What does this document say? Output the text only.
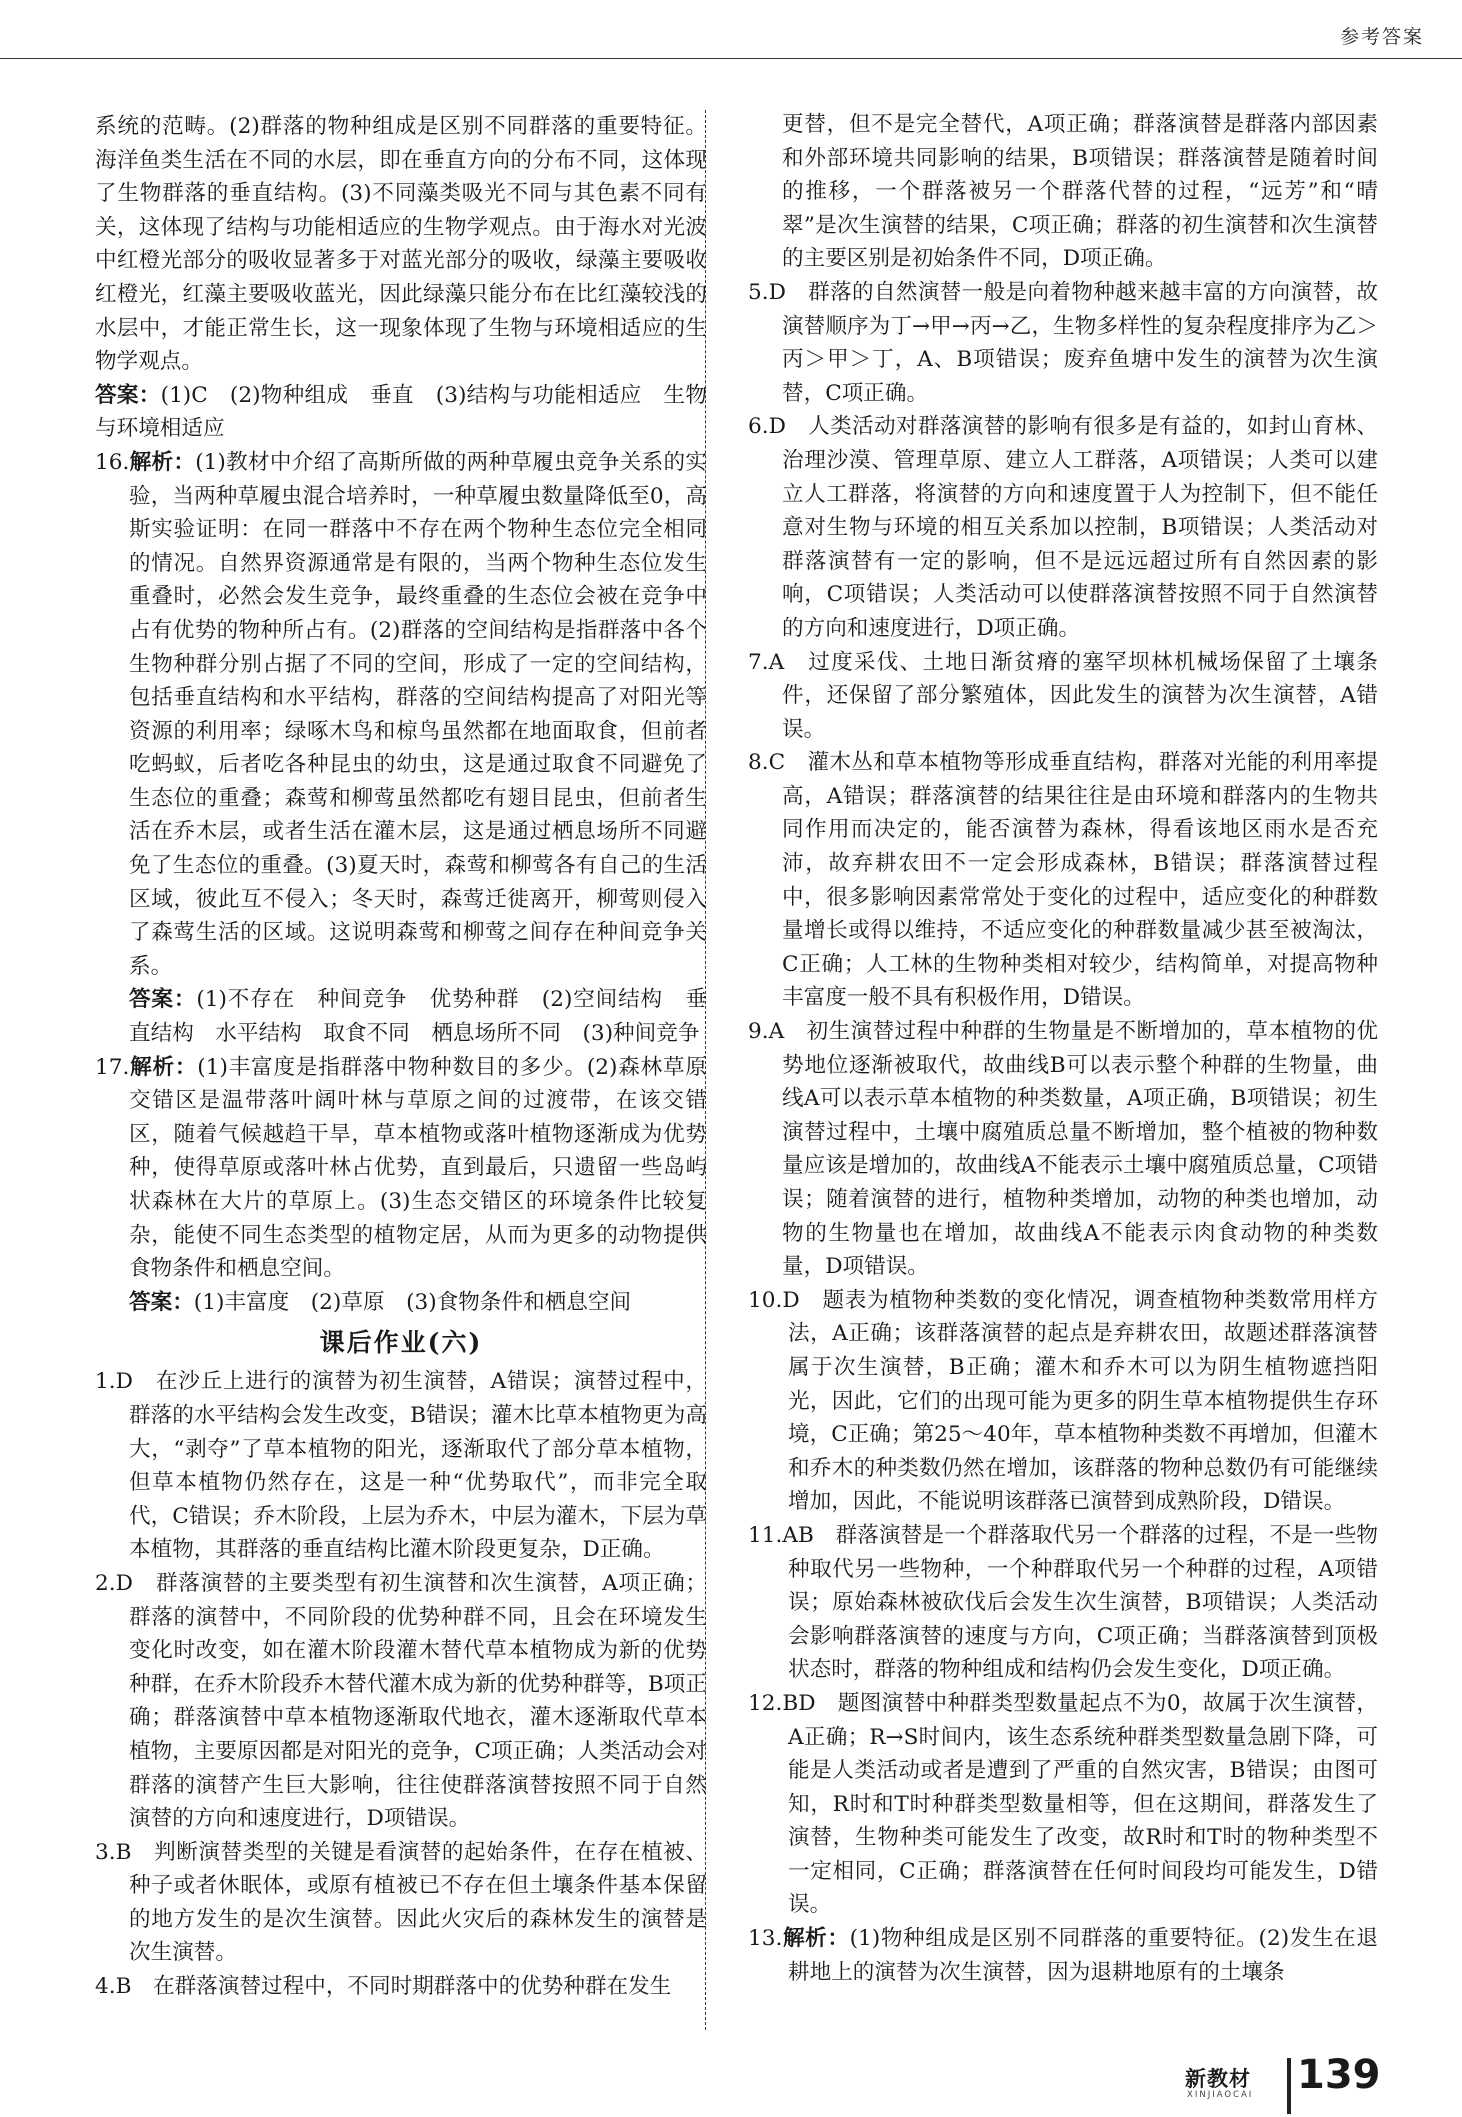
参考答案

系统的范畴。(2)群落的物种组成是区别不同群落的重要特征。海洋鱼类生活在不同的水层，即在垂直方向的分布不同，这体现了生物群落的垂直结构。(3)不同藻类吸光不同与其色素不同有关，这体现了结构与功能相适应的生物学观点。由于海水对光波中红橙光部分的吸收显著多于对蓝光部分的吸收，绿藻主要吸收红橙光，红藻主要吸收蓝光，因此绿藻只能分布在比红藻较浅的水层中，才能正常生长，这一现象体现了生物与环境相适应的生物学观点。

答案：(1)C　(2)物种组成　垂直　(3)结构与功能相适应　生物与环境相适应

16.解析：(1)教材中介绍了高斯所做的两种草履虫竞争关系的实验，当两种草履虫混合培养时，一种草履虫数量降低至0，高斯实验证明：在同一群落中不存在两个物种生态位完全相同的情况。自然界资源通常是有限的，当两个物种生态位发生重叠时，必然会发生竞争，最终重叠的生态位会被在竞争中占有优势的物种所占有。(2)群落的空间结构是指群落中各个生物种群分别占据了不同的空间，形成了一定的空间结构，包括垂直结构和水平结构，群落的空间结构提高了对阳光等资源的利用率；绿啄木鸟和椋鸟虽然都在地面取食，但前者吃蚂蚁，后者吃各种昆虫的幼虫，这是通过取食不同避免了生态位的重叠；森莺和柳莺虽然都吃有翅目昆虫，但前者生活在乔木层，或者生活在灌木层，这是通过栖息场所不同避免了生态位的重叠。(3)夏天时，森莺和柳莺各有自己的生活区域，彼此互不侵入；冬天时，森莺迁徙离开，柳莺则侵入了森莺生活的区域。这说明森莺和柳莺之间存在种间竞争关系。

答案：(1)不存在　种间竞争　优势种群　(2)空间结构　垂直结构　水平结构　取食不同　栖息场所不同　(3)种间竞争

17.解析：(1)丰富度是指群落中物种数目的多少。(2)森林草原交错区是温带落叶阔叶林与草原之间的过渡带，在该交错区，随着气候越趋干旱，草本植物或落叶植物逐渐成为优势种，使得草原或落叶林占优势，直到最后，只遗留一些岛屿状森林在大片的草原上。(3)生态交错区的环境条件比较复杂，能使不同生态类型的植物定居，从而为更多的动物提供食物条件和栖息空间。

答案：(1)丰富度　(2)草原　(3)食物条件和栖息空间

课后作业(六)

1.D　在沙丘上进行的演替为初生演替，A错误；演替过程中，群落的水平结构会发生改变，B错误；灌木比草本植物更为高大，“剥夺”了草本植物的阳光，逐渐取代了部分草本植物，但草本植物仍然存在，这是一种“优势取代”，而非完全取代，C错误；乔木阶段，上层为乔木，中层为灌木，下层为草本植物，其群落的垂直结构比灌木阶段更复杂，D正确。

2.D　群落演替的主要类型有初生演替和次生演替，A项正确；群落的演替中，不同阶段的优势种群不同，且会在环境发生变化时改变，如在灌木阶段灌木替代草本植物成为新的优势种群，在乔木阶段乔木替代灌木成为新的优势种群等，B项正确；群落演替中草本植物逐渐取代地衣，灌木逐渐取代草本植物，主要原因都是对阳光的竞争，C项正确；人类活动会对群落的演替产生巨大影响，往往使群落演替按照不同于自然演替的方向和速度进行，D项错误。

3.B　判断演替类型的关键是看演替的起始条件，在存在植被、种子或者休眠体，或原有植被已不存在但土壤条件基本保留的地方发生的是次生演替。因此火灾后的森林发生的演替是次生演替。

4.B　在群落演替过程中，不同时期群落中的优势种群在发生

更替，但不是完全替代，A项正确；群落演替是群落内部因素和外部环境共同影响的结果，B项错误；群落演替是随着时间的推移，一个群落被另一个群落代替的过程，“远芳”和“晴翠”是次生演替的结果，C项正确；群落的初生演替和次生演替的主要区别是初始条件不同，D项正确。

5.D　群落的自然演替一般是向着物种越来越丰富的方向演替，故演替顺序为丁→甲→丙→乙，生物多样性的复杂程度排序为乙＞丙＞甲＞丁，A、B项错误；废弃鱼塘中发生的演替为次生演替，C项正确。

6.D　人类活动对群落演替的影响有很多是有益的，如封山育林、治理沙漠、管理草原、建立人工群落，A项错误；人类可以建立人工群落，将演替的方向和速度置于人为控制下，但不能任意对生物与环境的相互关系加以控制，B项错误；人类活动对群落演替有一定的影响，但不是远远超过所有自然因素的影响，C项错误；人类活动可以使群落演替按照不同于自然演替的方向和速度进行，D项正确。

7.A　过度采伐、土地日渐贫瘠的塞罕坝林机械场保留了土壤条件，还保留了部分繁殖体，因此发生的演替为次生演替，A错误。

8.C　灌木丛和草本植物等形成垂直结构，群落对光能的利用率提高，A错误；群落演替的结果往往是由环境和群落内的生物共同作用而决定的，能否演替为森林，得看该地区雨水是否充沛，故弃耕农田不一定会形成森林，B错误；群落演替过程中，很多影响因素常常处于变化的过程中，适应变化的种群数量增长或得以维持，不适应变化的种群数量减少甚至被淘汰，C正确；人工林的生物种类相对较少，结构简单，对提高物种丰富度一般不具有积极作用，D错误。

9.A　初生演替过程中种群的生物量是不断增加的，草本植物的优势地位逐渐被取代，故曲线B可以表示整个种群的生物量，曲线A可以表示草本植物的种类数量，A项正确，B项错误；初生演替过程中，土壤中腐殖质总量不断增加，整个植被的物种数量应该是增加的，故曲线A不能表示土壤中腐殖质总量，C项错误；随着演替的进行，植物种类增加，动物的种类也增加，动物的生物量也在增加，故曲线A不能表示肉食动物的种类数量，D项错误。

10.D　题表为植物种类数的变化情况，调查植物种类数常用样方法，A正确；该群落演替的起点是弃耕农田，故题述群落演替属于次生演替，B正确；灌木和乔木可以为阴生植物遮挡阳光，因此，它们的出现可能为更多的阴生草本植物提供生存环境，C正确；第25～40年，草本植物种类数不再增加，但灌木和乔木的种类数仍然在增加，该群落的物种总数仍有可能继续增加，因此，不能说明该群落已演替到成熟阶段，D错误。

11.AB　群落演替是一个群落取代另一个群落的过程，不是一些物种取代另一些物种，一个种群取代另一个种群的过程，A项错误；原始森林被砍伐后会发生次生演替，B项错误；人类活动会影响群落演替的速度与方向，C项正确；当群落演替到顶极状态时，群落的物种组成和结构仍会发生变化，D项正确。

12.BD　题图演替中种群类型数量起点不为0，故属于次生演替，A正确；R→S时间内，该生态系统种群类型数量急剧下降，可能是人类活动或者是遭到了严重的自然灾害，B错误；由图可知，R时和T时种群类型数量相等，但在这期间，群落发生了演替，生物种类可能发生了改变，故R时和T时的物种类型不一定相同，C正确；群落演替在任何时间段均可能发生，D错误。

13.解析：(1)物种组成是区别不同群落的重要特征。(2)发生在退耕地上的演替为次生演替，因为退耕地原有的土壤条

新教材
XINJIAOCAI 139
